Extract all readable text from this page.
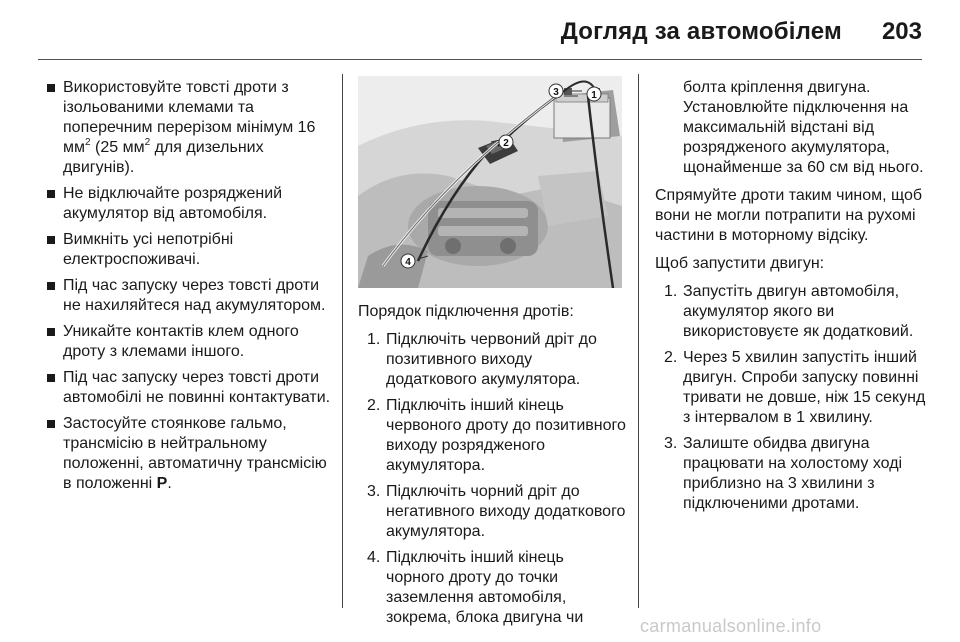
Догляд за автомобілем 203
Використовуйте товсті дроти з ізольованими клемами та поперечним перерізом мінімум 16 $мм^2$ (25 $мм^2$ для дизельних двигунів).
Не відключайте розряджений акумулятор від автомобіля.
Вимкніть усі непотрібні електроспоживачі.
Під час запуску через товсті дроти не нахиляйтеся над акумулятором.
Уникайте контактів клем одного дроту з клемами іншого.
Під час запуску через товсті дроти автомобілі не повинні контактувати.
Застосуйте стоянкове гальмо, трансмісію в нейтральному положенні, автоматичну трансмісію в положенні P.
1
2
3
4
Порядок підключення дротів:
1. Підключіть червоний дріт до позитивного виходу додаткового акумулятора.
2. Підключіть інший кінець червоного дроту до позитивного виходу розрядженого акумулятора.
3. Підключіть чорний дріт до негативного виходу додаткового акумулятора.
4. Підключіть інший кінець чорного дроту до точки заземлення автомобіля, зокрема, блока двигуна чи
болта кріплення двигуна. Установлюйте підключення на максимальній відстані від розрядженого акумулятора, щонайменше за 60 см від нього.
Спрямуйте дроти таким чином, щоб вони не могли потрапити на рухомі частини в моторному відсіку.
Щоб запустити двигун:
1. Запустіть двигун автомобіля, акумулятор якого ви використовуєте як додатковий.
2. Через 5 хвилин запустіть інший двигун. Спроби запуску повинні тривати не довше, ніж 15 секунд з інтервалом в 1 хвилину.
3. Залиште обидва двигуна працювати на холостому ході приблизно на 3 хвилини з підключеними дротами.
carmanualsonline.info
